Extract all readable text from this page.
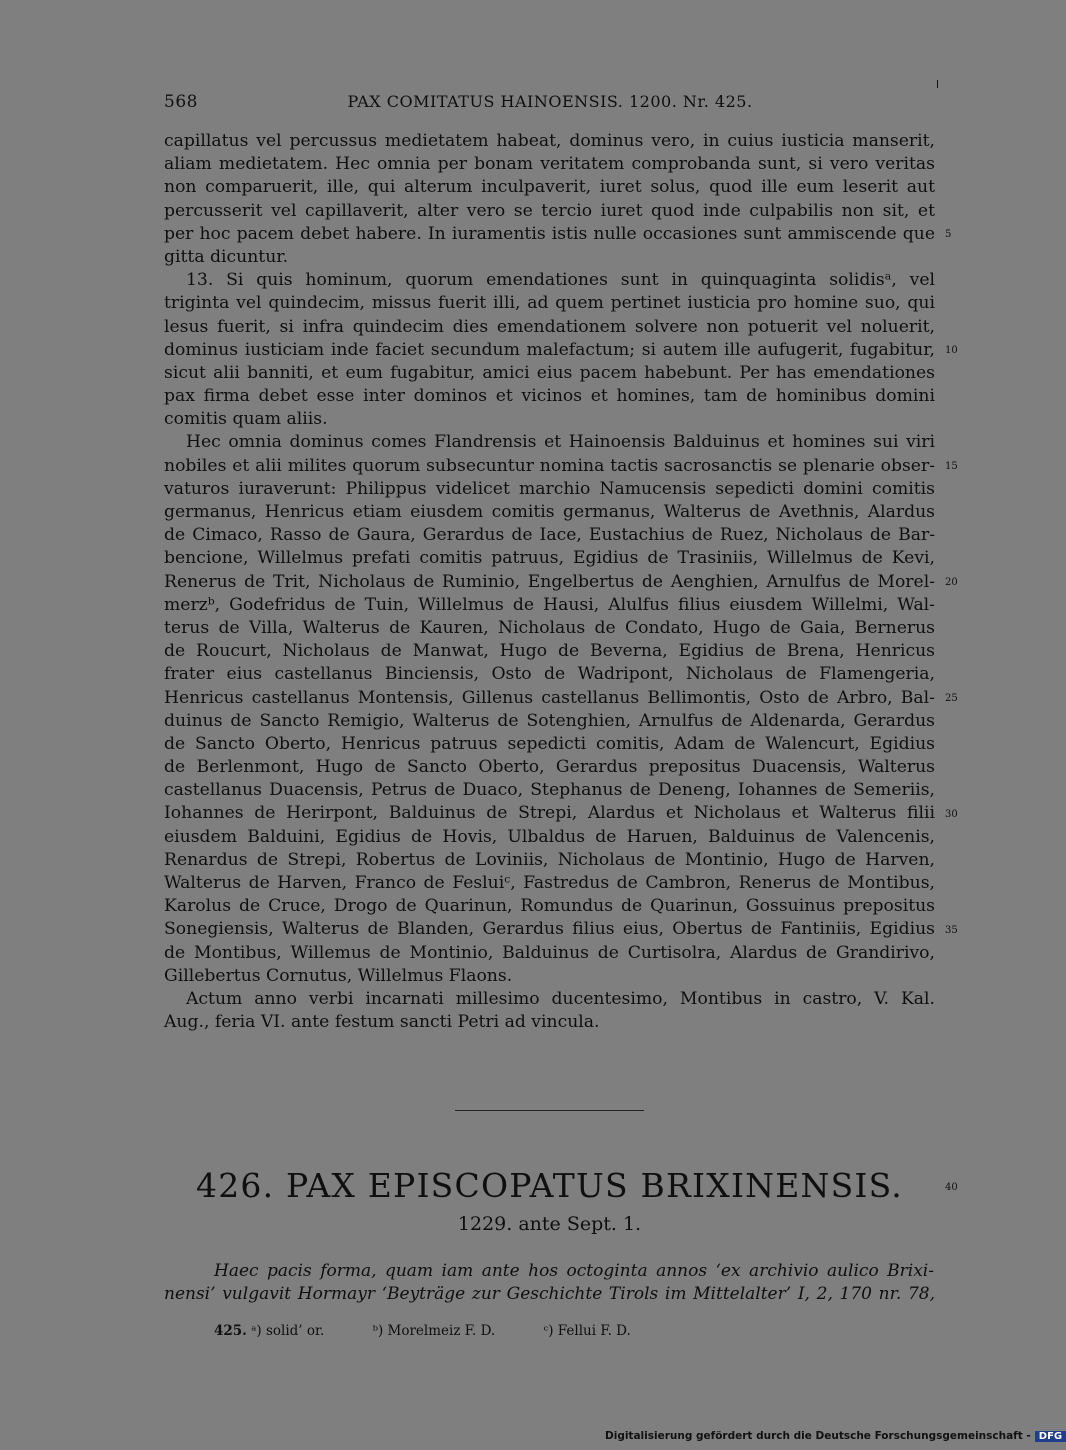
568	PAX COMITATUS HAINOENSIS. 1200. Nr. 425.
capillatus vel percussus medietatem habeat, dominus vero, in cuius iusticia manserit,
aliam medietatem. Hec omnia per bonam veritatem comprobanda sunt, si vero veritas
non comparuerit, ille, qui alterum inculpaverit, iuret solus, quod ille eum leserit aut
percusserit vel capillaverit, alter vero se tercio iuret quod inde culpabilis non sit, et
per hoc pacem debet habere. In iuramentis istis nulle occasiones sunt ammiscende que
gitta dicuntur.
13. Si quis hominum, quorum emendationes sunt in quinquaginta solidisᵃ, vel
triginta vel quindecim, missus fuerit illi, ad quem pertinet iusticia pro homine suo, qui
lesus fuerit, si infra quindecim dies emendationem solvere non potuerit vel noluerit,
dominus iusticiam inde faciet secundum malefactum; si autem ille aufugerit, fugabitur,
sicut alii banniti, et eum fugabitur, amici eius pacem habebunt. Per has emendationes
pax firma debet esse inter dominos et vicinos et homines, tam de hominibus domini
comitis quam aliis.
Hec omnia dominus comes Flandrensis et Hainoensis Balduinus et homines sui viri
nobiles et alii milites quorum subsecuntur nomina tactis sacrosanctis se plenarie obser-
vaturos iuraverunt: Philippus videlicet marchio Namucensis sepedicti domini comitis
germanus, Henricus etiam eiusdem comitis germanus, Walterus de Avethnis, Alardus
de Cimaco, Rasso de Gaura, Gerardus de Iace, Eustachius de Ruez, Nicholaus de Bar-
bencione, Willelmus prefati comitis patruus, Egidius de Trasiniis, Willelmus de Kevi,
Renerus de Trit, Nicholaus de Ruminio, Engelbertus de Aenghien, Arnulfus de Morel-
merzᵇ, Godefridus de Tuin, Willelmus de Hausi, Alulfus filius eiusdem Willelmi, Wal-
terus de Villa, Walterus de Kauren, Nicholaus de Condato, Hugo de Gaia, Bernerus
de Roucurt, Nicholaus de Manwat, Hugo de Beverna, Egidius de Brena, Henricus
frater eius castellanus Binciensis, Osto de Wadripont, Nicholaus de Flamengeria,
Henricus castellanus Montensis, Gillenus castellanus Bellimontis, Osto de Arbro, Bal-
duinus de Sancto Remigio, Walterus de Sotenghien, Arnulfus de Aldenarda, Gerardus
de Sancto Oberto, Henricus patruus sepedicti comitis, Adam de Walencurt, Egidius
de Berlenmont, Hugo de Sancto Oberto, Gerardus prepositus Duacensis, Walterus
castellanus Duacensis, Petrus de Duaco, Stephanus de Deneng, Iohannes de Semeriis,
Iohannes de Herirpont, Balduinus de Strepi, Alardus et Nicholaus et Walterus filii
eiusdem Balduini, Egidius de Hovis, Ulbaldus de Haruen, Balduinus de Valencenis,
Renardus de Strepi, Robertus de Loviniis, Nicholaus de Montinio, Hugo de Harven,
Walterus de Harven, Franco de Fesluiᶜ, Fastredus de Cambron, Renerus de Montibus,
Karolus de Cruce, Drogo de Quarinun, Romundus de Quarinun, Gossuinus prepositus
Sonegiensis, Walterus de Blanden, Gerardus filius eius, Obertus de Fantiniis, Egidius
de Montibus, Willemus de Montinio, Balduinus de Curtisolra, Alardus de Grandirivo,
Gillebertus Cornutus, Willelmus Flaons.
Actum anno verbi incarnati millesimo ducentesimo, Montibus in castro, V. Kal.
Aug., feria VI. ante festum sancti Petri ad vincula.
426. PAX EPISCOPATUS BRIXINENSIS.	40
1229. ante Sept. 1.
Haec pacis forma, quam iam ante hos octoginta annos ‘ex archivio aulico Brixi-
nensi’ vulgavit Hormayr ‘Beyträge zur Geschichte Tirols im Mittelalter’ I, 2, 170 nr. 78,
425. ᵃ) solid’ or.	ᵇ) Morelmeiz F. D.	ᶜ) Fellui F. D.
Digitalisierung gefördert durch die Deutsche Forschungsgemeinschaft - DFG
5
10
15
20
25
30
35
